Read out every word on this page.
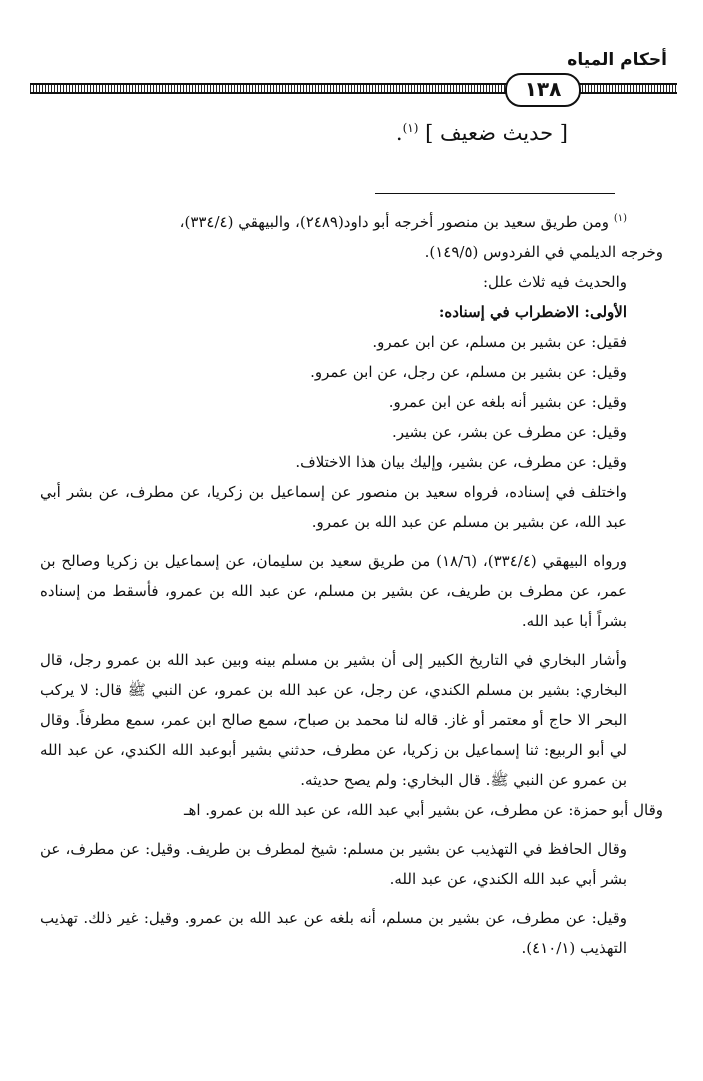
أحكام المياه
١٣٨
[ حديث ضعيف ] $^{(١)}$.

$^{(١)}$ ومن طريق سعيد بن منصور أخرجه أبو داود(٢٤٨٩)، والبيهقي (٣٣٤/٤)،

وخرجه الديلمي في الفردوس (١٤٩/٥).

والحديث فيه ثلاث علل:

الأولى: الاضطراب في إسناده:

فقيل: عن بشير بن مسلم، عن ابن عمرو.

وقيل: عن بشير بن مسلم، عن رجل، عن ابن عمرو.

وقيل: عن بشير أنه بلغه عن ابن عمرو.

وقيل: عن مطرف عن بشر، عن بشير.

وقيل: عن مطرف، عن بشير، وإليك بيان هذا الاختلاف.

واختلف في إسناده، فرواه سعيد بن منصور عن إسماعيل بن زكريا، عن مطرف، عن بشر أبي عبد الله، عن بشير بن مسلم عن عبد الله بن عمرو.

ورواه البيهقي (٣٣٤/٤)، (١٨/٦) من طريق سعيد بن سليمان، عن إسماعيل بن زكريا وصالح بن عمر، عن مطرف بن طريف، عن بشير بن مسلم، عن عبد الله بن عمرو، فأسقط من إسناده بشراً أبا عبد الله.

وأشار البخاري في التاريخ الكبير إلى أن بشير بن مسلم بينه وبين عبد الله بن عمرو رجل، قال البخاري: بشير بن مسلم الكندي، عن رجل، عن عبد الله بن عمرو، عن النبي ﷺ قال: لا يركب البحر الا حاج أو معتمر أو غاز. قاله لنا محمد بن صباح، سمع صالح ابن عمر، سمع مطرفاً. وقال لي أبو الربيع: ثنا إسماعيل بن زكريا، عن مطرف، حدثني بشير أبوعبد الله الكندي، عن عبد الله بن عمرو عن النبي ﷺ. قال البخاري: ولم يصح حديثه.

وقال أبو حمزة: عن مطرف، عن بشير أبي عبد الله، عن عبد الله بن عمرو. اهـ

وقال الحافظ في التهذيب عن بشير بن مسلم: شيخ لمطرف بن طريف. وقيل: عن مطرف، عن بشر أبي عبد الله الكندي، عن عبد الله.

وقيل: عن مطرف، عن بشير بن مسلم، أنه بلغه عن عبد الله بن عمرو. وقيل: غير ذلك. تهذيب التهذيب (٤١٠/١).
